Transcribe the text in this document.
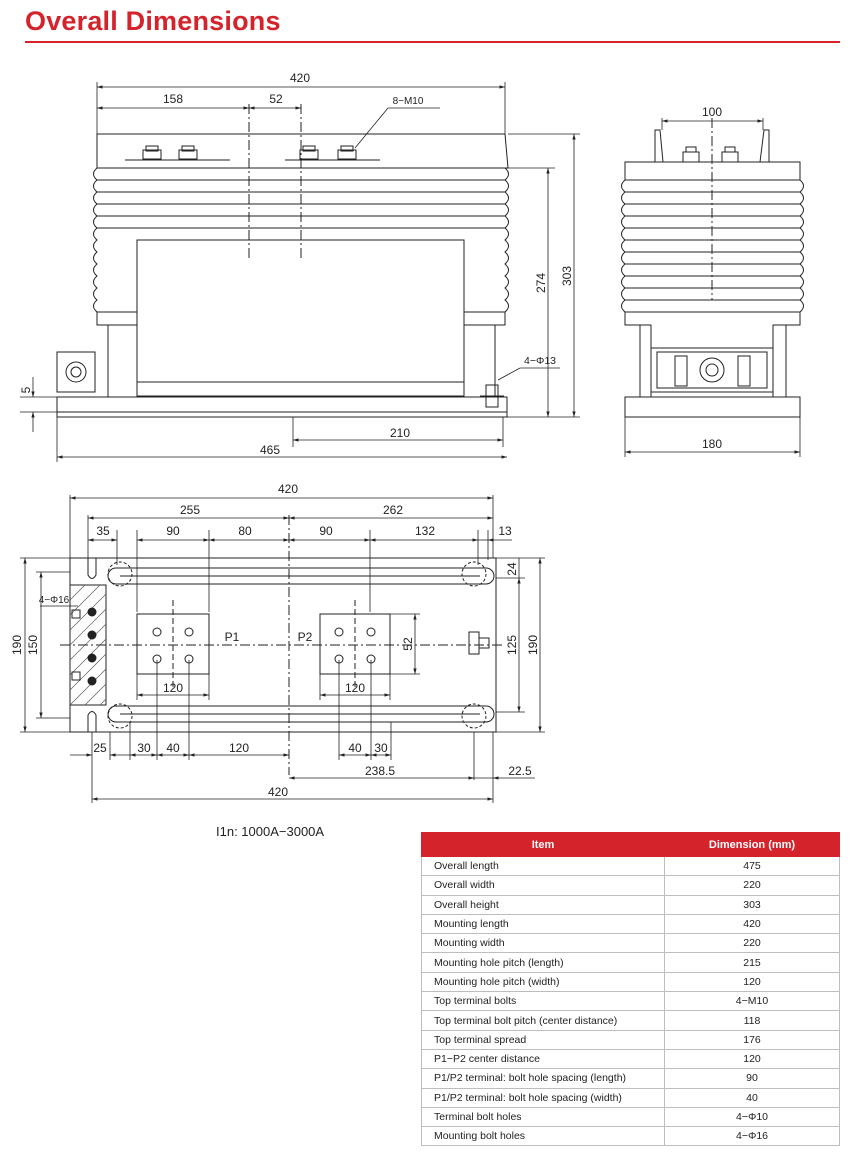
Overall Dimensions
420
158	52	8−M10
303
274
4−Φ13
5
210
465
100
180
420
255	262
35	90	80	90	132	13
24
4−Φ16
190 150	P1	P2	52	125 190
120	120
25	30 40	120	40 30
238.5	22.5
420
I1n: 1000A−3000A
Item	Dimension (mm)
Overall length	475
Overall width	220
Overall height	303
Mounting length	420
Mounting width	220
Mounting hole pitch (length)	215
Mounting hole pitch (width)	120
Top terminal bolts	4−M10
Top terminal bolt pitch (center distance)	118
Top terminal spread	176
P1−P2 center distance	120
P1/P2 terminal: bolt hole spacing (length)	90
P1/P2 terminal: bolt hole spacing (width)	40
Terminal bolt holes	4−Φ10
Mounting bolt holes	4−Φ16
